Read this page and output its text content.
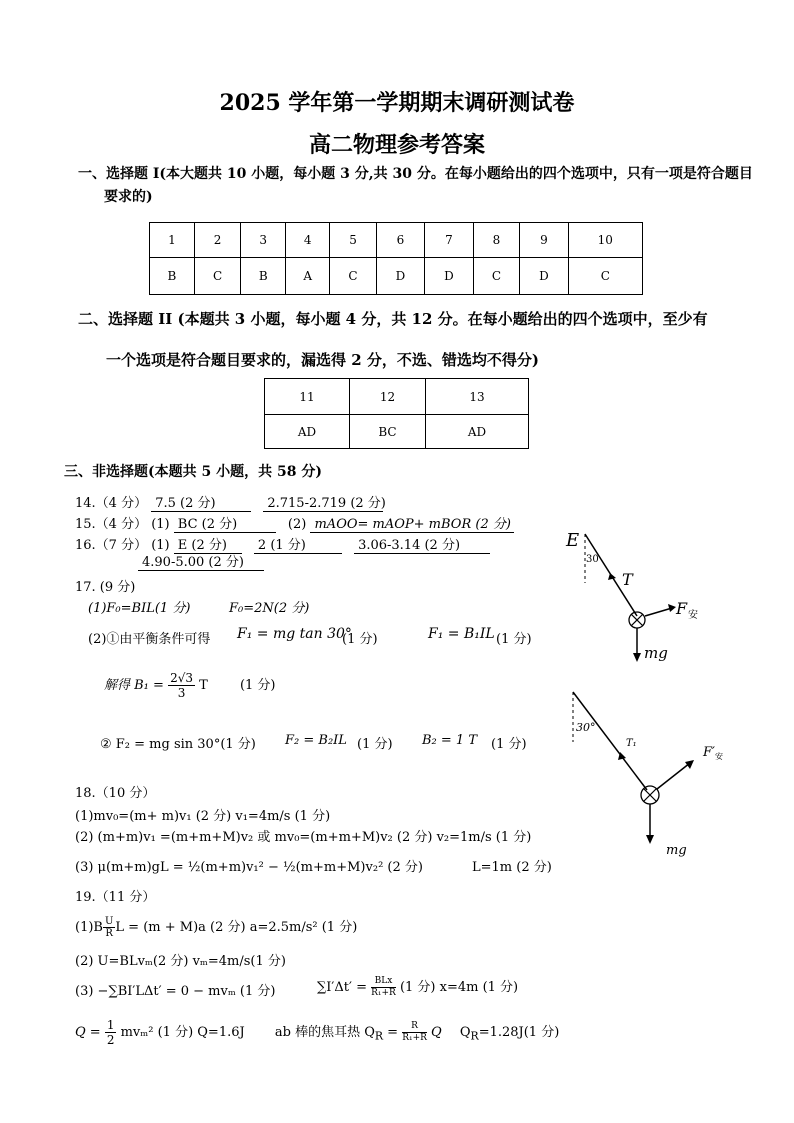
2025 学年第一学期期末调研测试卷
高二物理参考答案
一、选择题 I(本大题共 10 小题，每小题 3 分,共 30 分。在每小题给出的四个选项中，只有一项是符合题目
要求的)
1	2	3	4	5	6	7	8	9	10
B	C	B	A	C	D	D	C	D	C
二、选择题 II (本题共 3 小题，每小题 4 分，共 12 分。在每小题给出的四个选项中，至少有
一个选项是符合题目要求的，漏选得 2 分，不选、错选均不得分)
11	12	13
AD	BC	AD
三、非选择题(本题共 5 小题，共 58 分)
14.（4 分） 7.5 (2 分)	2.715-2.719 (2 分)
15.（4 分） (1) BC (2 分)	(2) mAOO= mAOP+ mBOR (2 分)
16.（7 分） (1) E (2 分) 2 (1 分)	3.06-3.14 (2 分)
4.90-5.00 (2 分)
17. (9 分)
(1)F₀=BIL(1 分)	F₀=2N(2 分)
(2)①由平衡条件可得 F₁ = mg tan 30°
(1 分)	F₁ = B₁IL (1 分)
解得 $B_1 = \frac{2√3}{3}$ T (1 分)
② F₂ = mg sin 30°(1 分) F₂ = B₂IL (1 分) B₂ = 1 T (1 分)
18.（10 分）
(1)mv₀=(m+ m)v₁ (2 分) v₁=4m/s (1 分)
(2) (m+m)v₁ =(m+m+M)v₂ 或 mv₀=(m+m+M)v₂ (2 分) v₂=1m/s (1 分)
(3) μ(m+m)gL = ½(m+m)v₁² − ½(m+m+M)v₂² (2 分)	L=1m (2 分)
19.（11 分）
$(1)B \frac{U}{R}$ L = (m + M)a (2 分) a=2.5m/s² (1 分)
(2) U=BLvₘ(2 分) vₘ=4m/s(1 分)
(3) −∑BI′LΔt′ = 0 − mvₘ (1 分)	$\sum I'\Delta t' = \frac{\text{BLx}}{\text{R₁+R}} (1$ 分) x=4m (1 分)
$Q = \frac{1}{2} mv_m^2$ (1 分) Q=1.6J ab 棒的焦耳热 $Q_R = \frac{R}{\text{R₁+R}}$ Q $Q_R=1.28J(1$ 分)
E
30
T
F 安
mg
30°
T₁
F′ 安
mg
